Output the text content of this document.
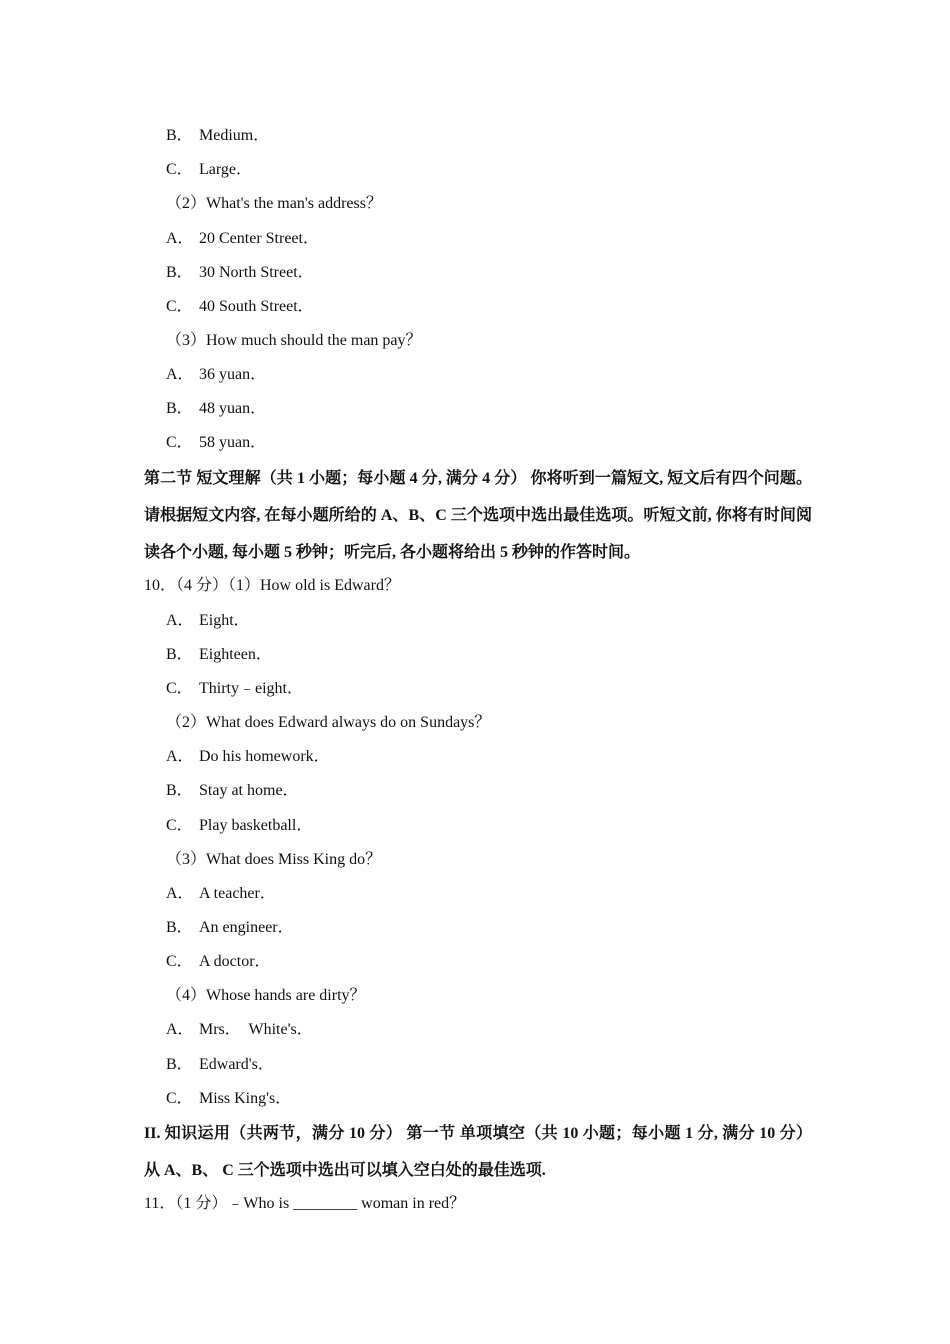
B． Medium．
C． Large．
（2）What's the man's address？
A． 20 Center Street．
B． 30 North Street．
C． 40 South Street．
（3）How much should the man pay？
A． 36 yuan．
B． 48 yuan．
C． 58 yuan．
第二节 短文理解（共 1 小题；每小题 4 分, 满分 4 分） 你将听到一篇短文, 短文后有四个问题。请根据短文内容, 在每小题所给的 A、B、C 三个选项中选出最佳选项。听短文前, 你将有时间阅读各个小题, 每小题 5 秒钟；听完后, 各小题将给出 5 秒钟的作答时间。
10．（4 分）（1）How old is Edward？
A． Eight．
B． Eighteen．
C． Thirty﹣eight．
（2）What does Edward always do on Sundays？
A． Do his homework．
B． Stay at home．
C． Play basketball．
（3）What does Miss King do？
A． A teacher．
B． An engineer．
C． A doctor．
（4）Whose hands are dirty？
A． Mrs．  White's．
B． Edward's．
C． Miss King's．
II. 知识运用（共两节，满分 10 分） 第一节 单项填空（共 10 小题；每小题 1 分, 满分 10 分） 从 A、B、 C 三个选项中选出可以填入空白处的最佳选项.
11．（1 分）﹣Who is ________ woman in red？
